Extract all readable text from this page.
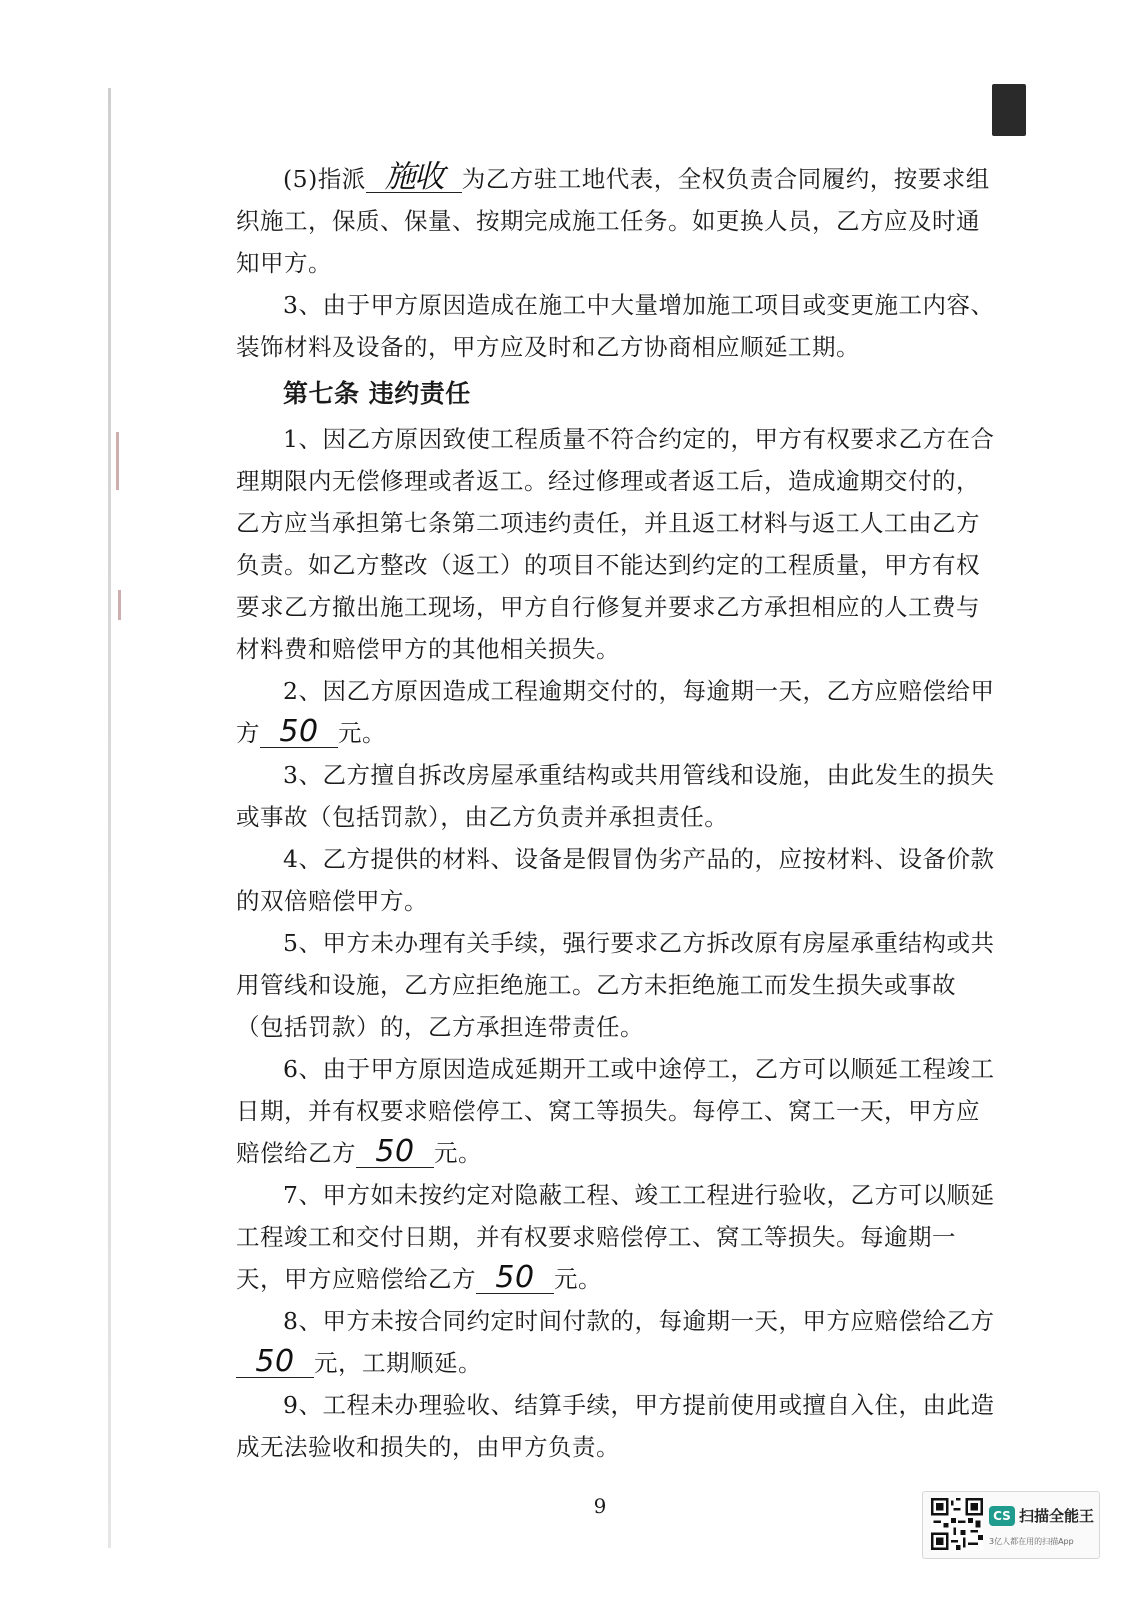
(5)指派 施收 为乙方驻工地代表，全权负责合同履约，按要求组织施工，保质、保量、按期完成施工任务。如更换人员，乙方应及时通知甲方。

3、由于甲方原因造成在施工中大量增加施工项目或变更施工内容、装饰材料及设备的，甲方应及时和乙方协商相应顺延工期。

第七条 违约责任

1、因乙方原因致使工程质量不符合约定的，甲方有权要求乙方在合理期限内无偿修理或者返工。经过修理或者返工后，造成逾期交付的，乙方应当承担第七条第二项违约责任，并且返工材料与返工人工由乙方负责。如乙方整改（返工）的项目不能达到约定的工程质量，甲方有权要求乙方撤出施工现场，甲方自行修复并要求乙方承担相应的人工费与材料费和赔偿甲方的其他相关损失。

2、因乙方原因造成工程逾期交付的，每逾期一天，乙方应赔偿给甲方 50 元。

3、乙方擅自拆改房屋承重结构或共用管线和设施，由此发生的损失或事故（包括罚款），由乙方负责并承担责任。

4、乙方提供的材料、设备是假冒伪劣产品的，应按材料、设备价款的双倍赔偿甲方。

5、甲方未办理有关手续，强行要求乙方拆改原有房屋承重结构或共用管线和设施，乙方应拒绝施工。乙方未拒绝施工而发生损失或事故（包括罚款）的，乙方承担连带责任。

6、由于甲方原因造成延期开工或中途停工，乙方可以顺延工程竣工日期，并有权要求赔偿停工、窝工等损失。每停工、窝工一天，甲方应赔偿给乙方 50 元。

7、甲方如未按约定对隐蔽工程、竣工工程进行验收，乙方可以顺延工程竣工和交付日期，并有权要求赔偿停工、窝工等损失。每逾期一天，甲方应赔偿给乙方 50 元。

8、甲方未按合同约定时间付款的，每逾期一天，甲方应赔偿给乙方50 元，工期顺延。

9、工程未办理验收、结算手续，甲方提前使用或擅自入住，由此造成无法验收和损失的，由甲方负责。

9	CS 扫描全能王
3亿人都在用的扫描App
